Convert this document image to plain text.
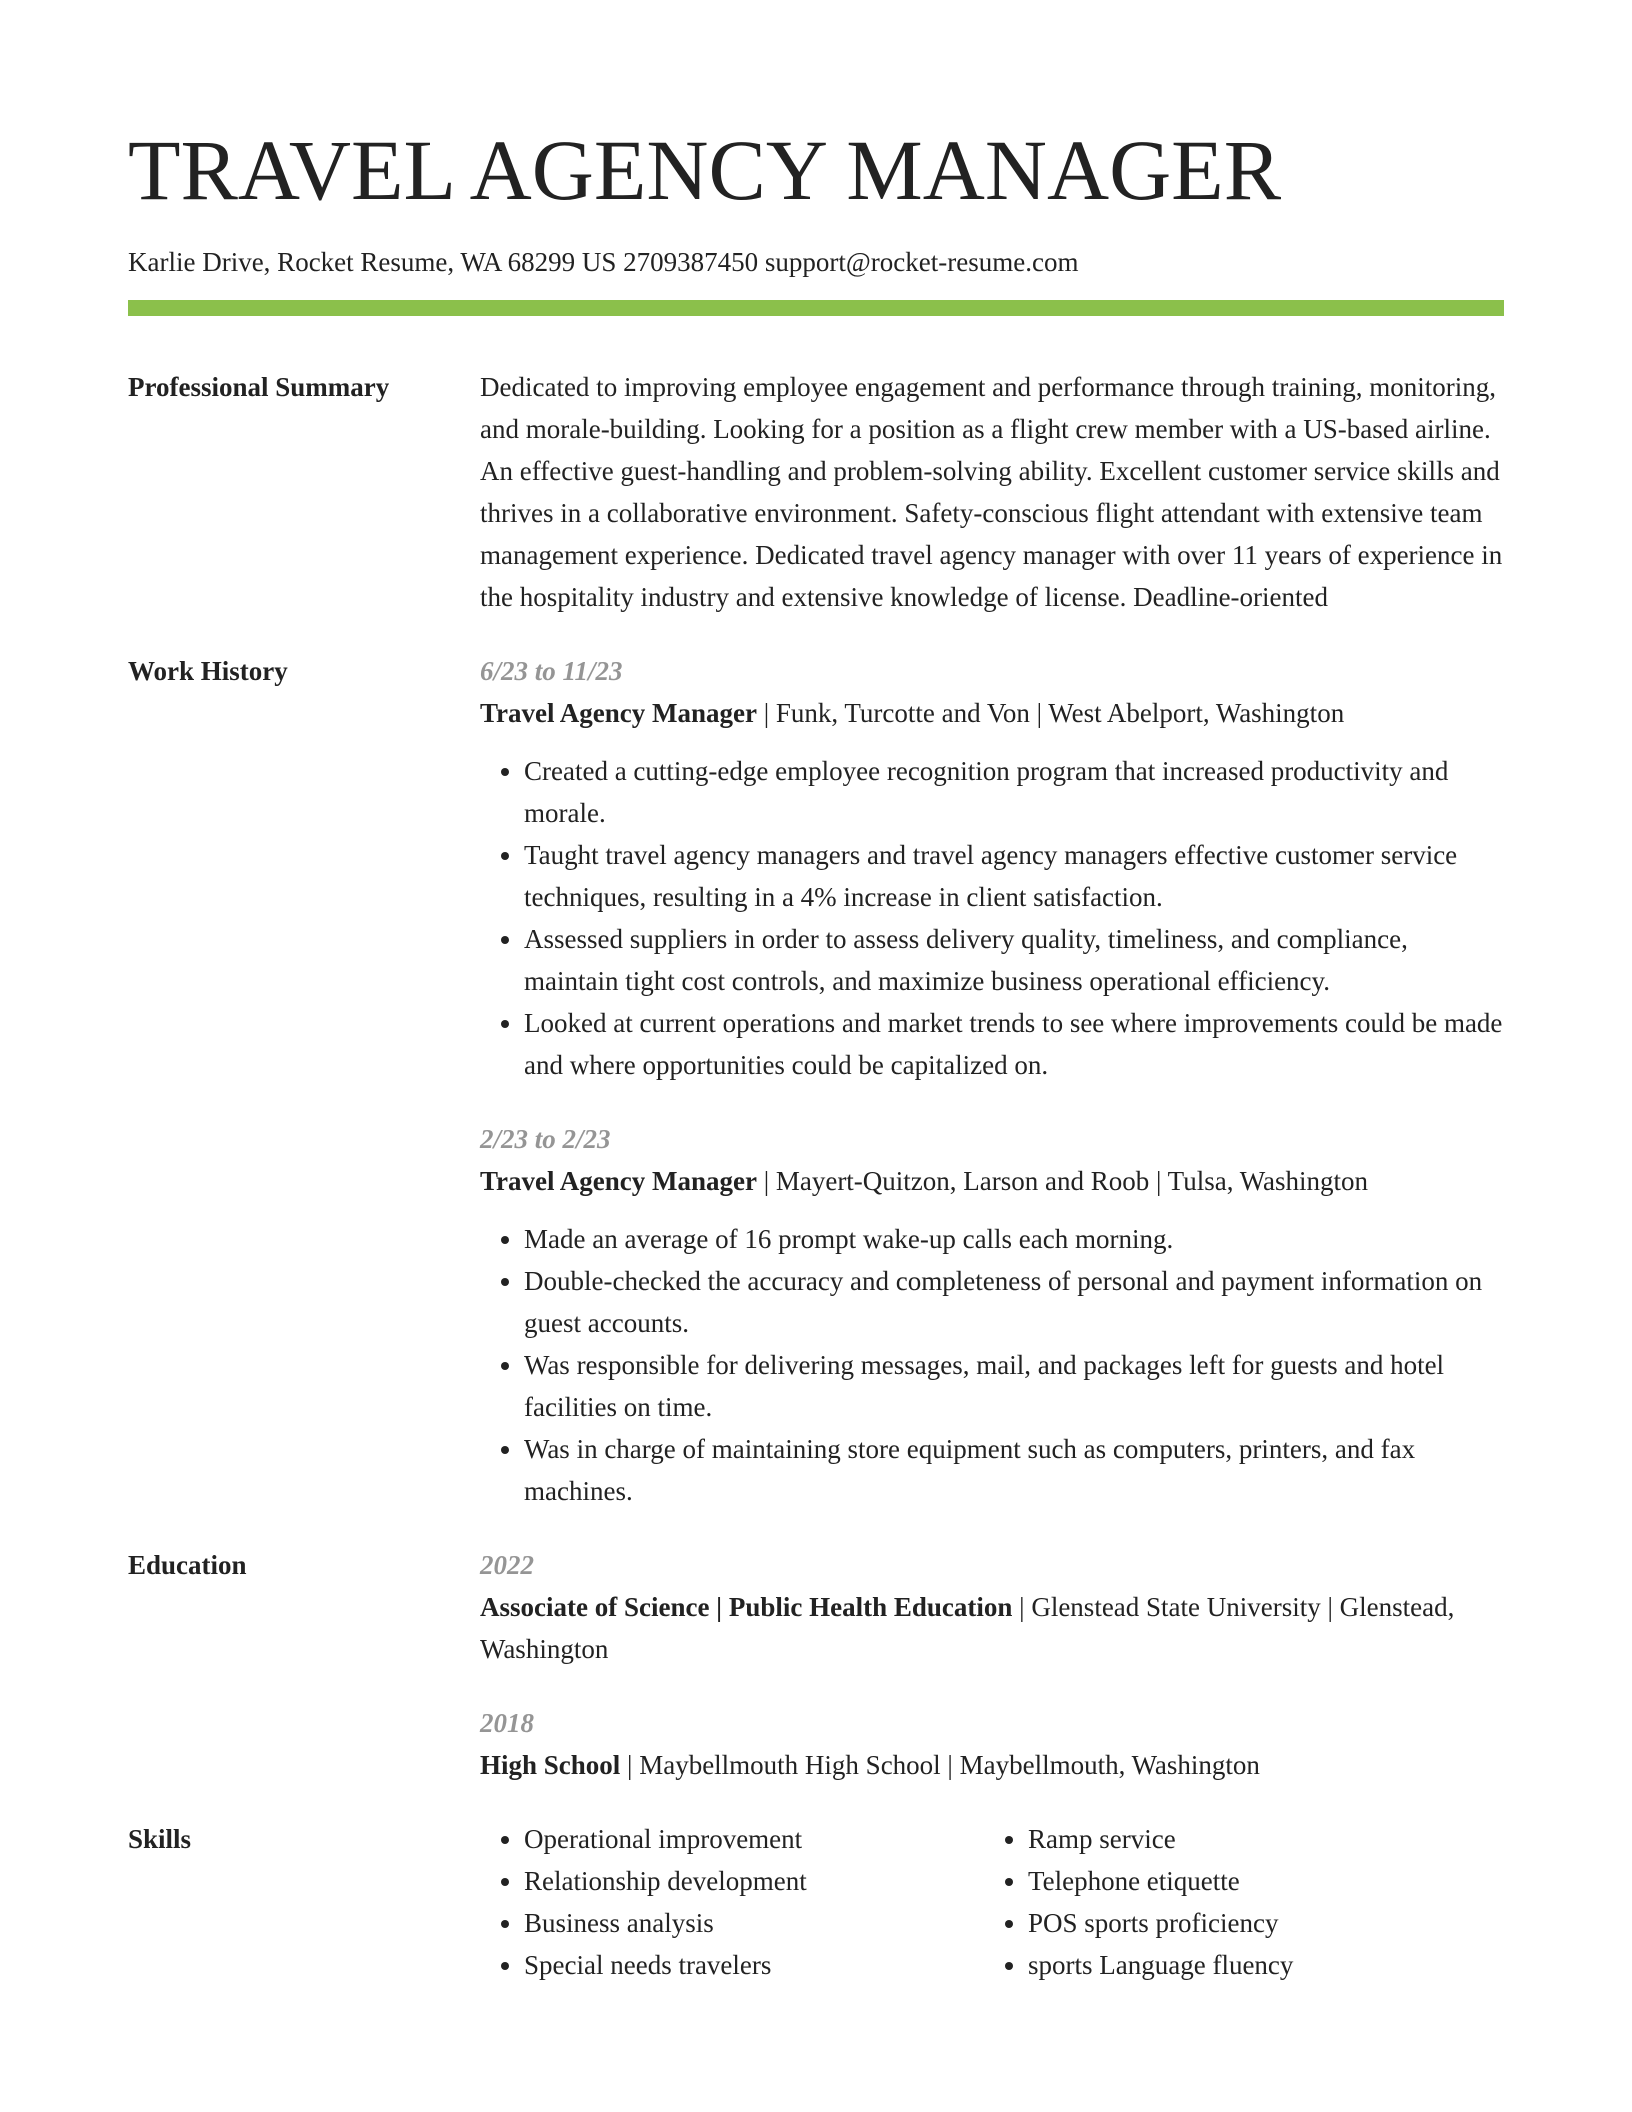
TRAVEL AGENCY MANAGER
Karlie Drive, Rocket Resume, WA 68299 US 2709387450 support@rocket-resume.com
Professional Summary	Dedicated to improving employee engagement and performance through training, monitoring, and morale-building. Looking for a position as a flight crew member with a US-based airline. An effective guest-handling and problem-solving ability. Excellent customer service skills and thrives in a collaborative environment. Safety-conscious flight attendant with extensive team management experience. Dedicated travel agency manager with over 11 years of experience in the hospitality industry and extensive knowledge of license. Deadline-oriented
Work History	6/23 to 11/23
Travel Agency Manager | Funk, Turcotte and Von | West Abelport, Washington
• Created a cutting-edge employee recognition program that increased productivity and morale.
• Taught travel agency managers and travel agency managers effective customer service techniques, resulting in a 4% increase in client satisfaction.
• Assessed suppliers in order to assess delivery quality, timeliness, and compliance, maintain tight cost controls, and maximize business operational efficiency.
• Looked at current operations and market trends to see where improvements could be made and where opportunities could be capitalized on.
2/23 to 2/23
Travel Agency Manager | Mayert-Quitzon, Larson and Roob | Tulsa, Washington
• Made an average of 16 prompt wake-up calls each morning.
• Double-checked the accuracy and completeness of personal and payment information on guest accounts.
• Was responsible for delivering messages, mail, and packages left for guests and hotel facilities on time.
• Was in charge of maintaining store equipment such as computers, printers, and fax machines.
Education	2022
Associate of Science | Public Health Education | Glenstead State University | Glenstead, Washington
2018
High School | Maybellmouth High School | Maybellmouth, Washington
Skills
•	Operational improvement
• Relationship development
• Business analysis
• Special needs travelers
• Ramp service
• Telephone etiquette
• POS sports proficiency
• sports Language fluency
